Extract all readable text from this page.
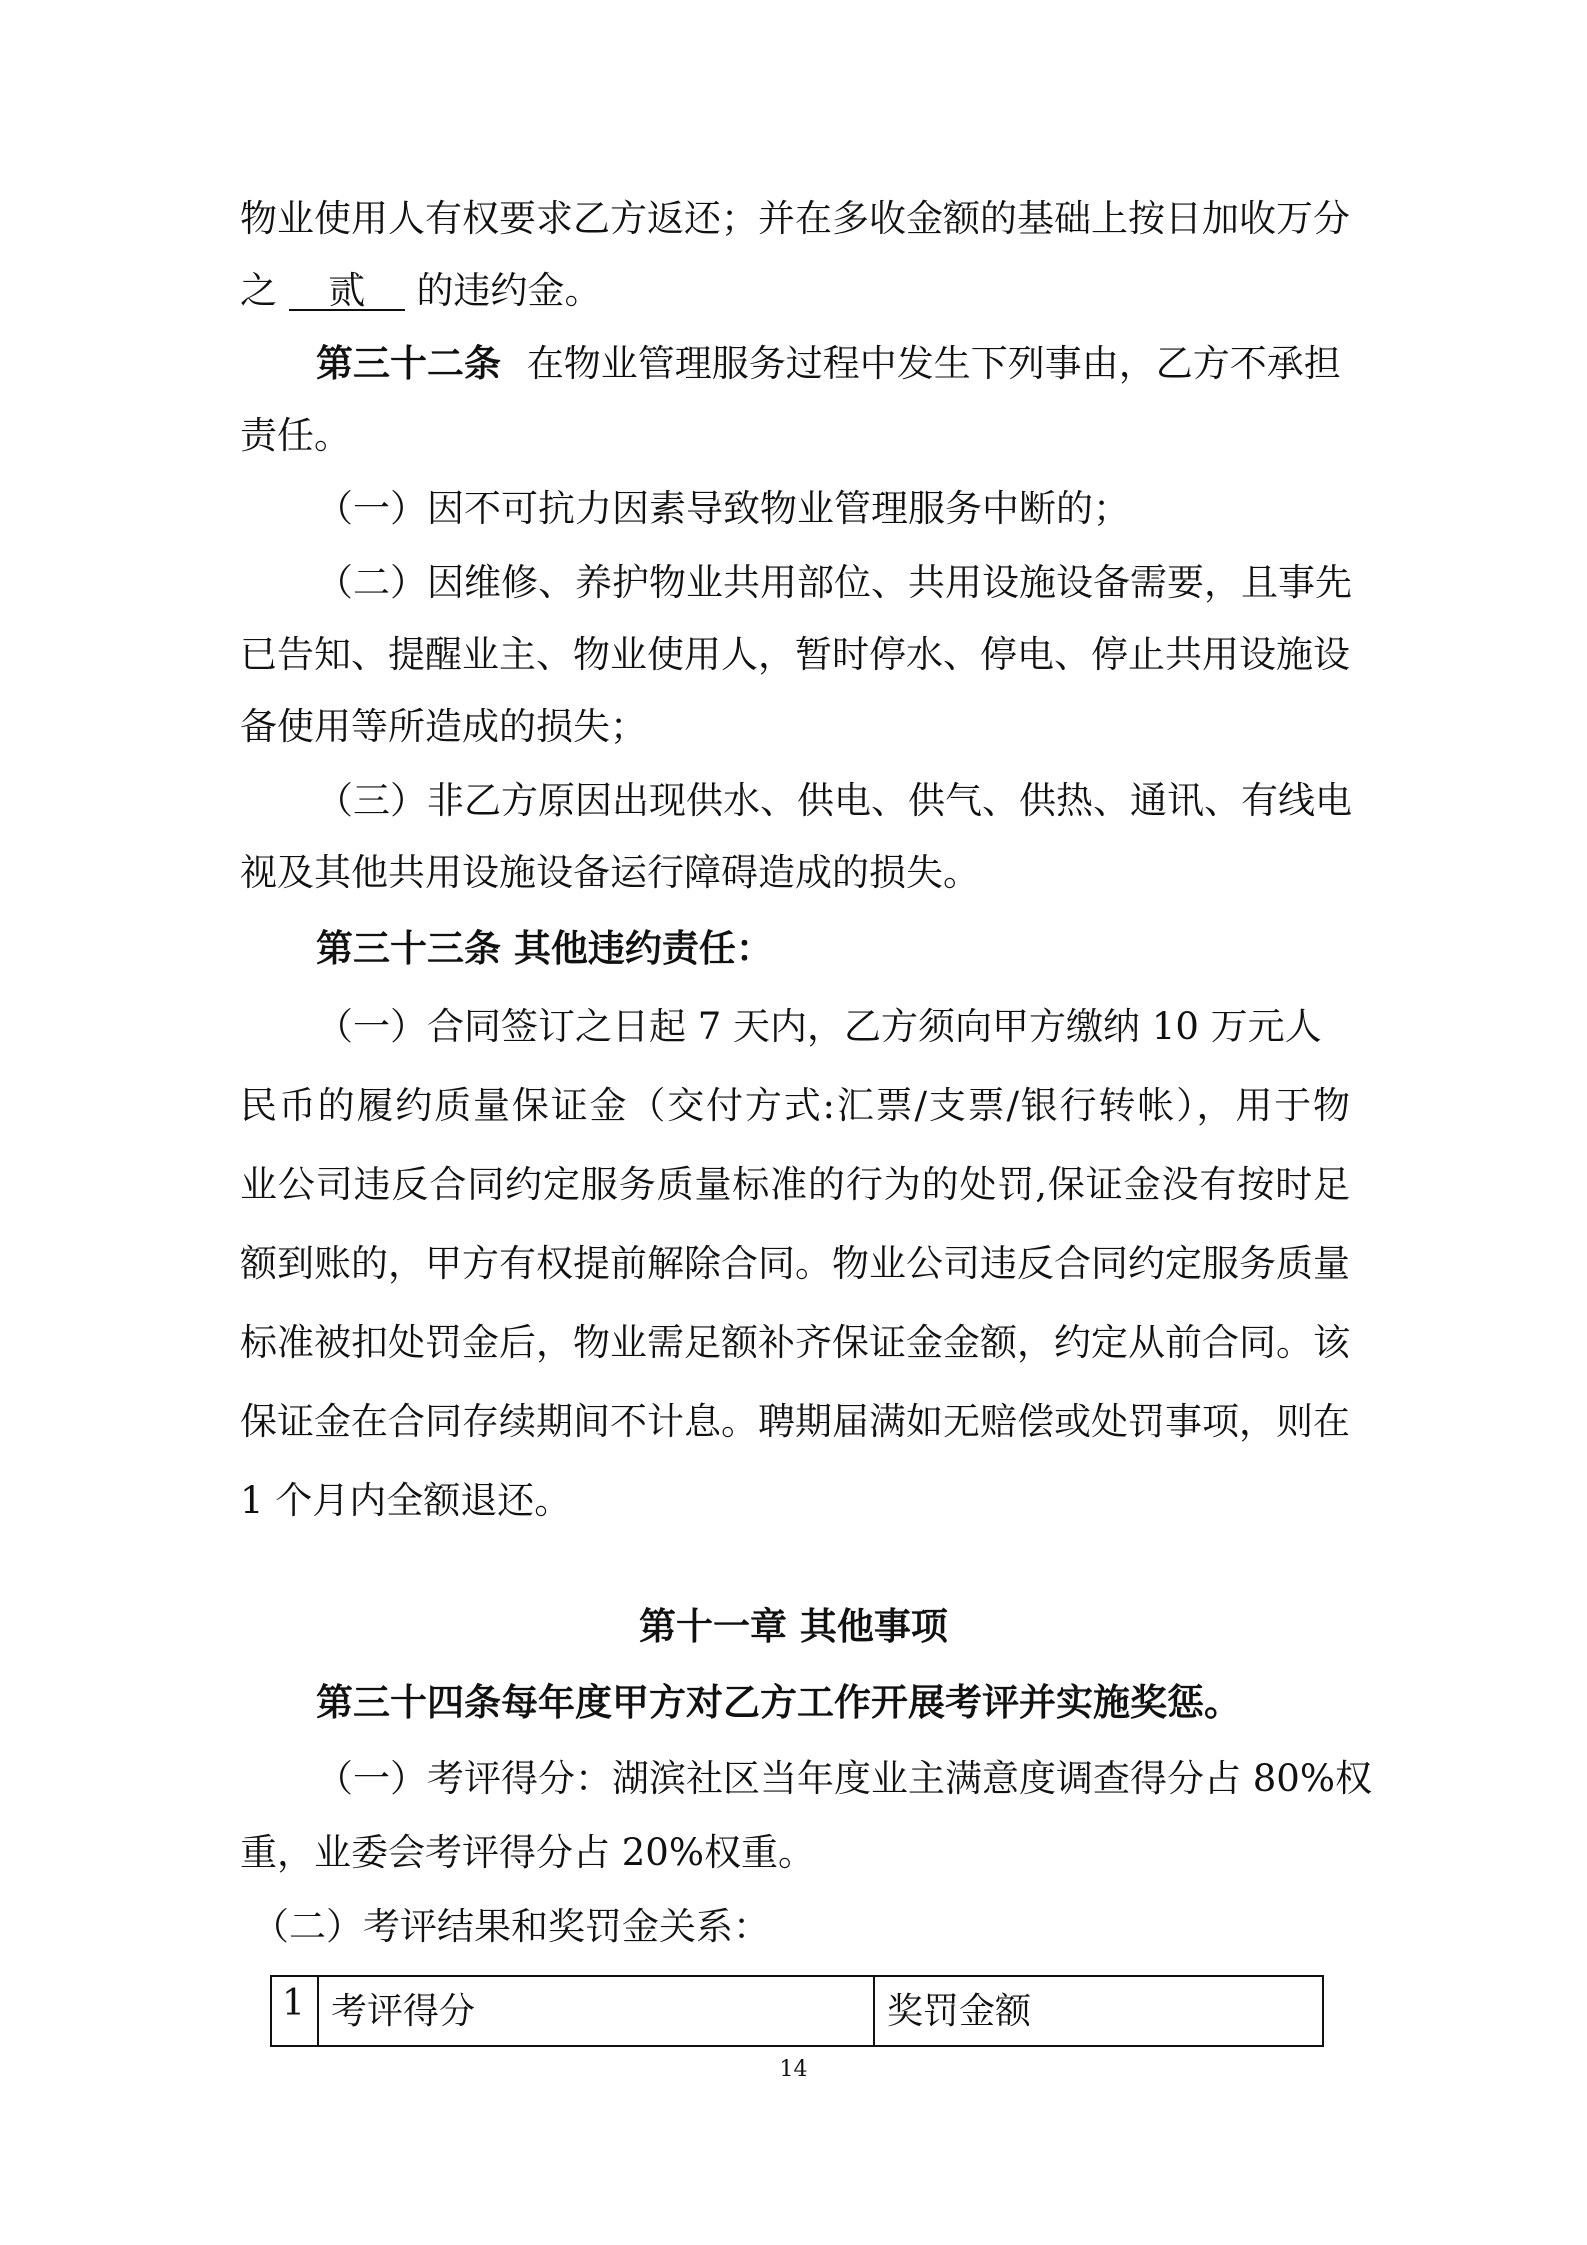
物业使用人有权要求乙方返还；并在多收金额的基础上按日加收万分
之 贰 的违约金。
第三十二条 在物业管理服务过程中发生下列事由，乙方不承担
责任。
（一）因不可抗力因素导致物业管理服务中断的；
（二）因维修、养护物业共用部位、共用设施设备需要，且事先
已告知、提醒业主、物业使用人，暂时停水、停电、停止共用设施设
备使用等所造成的损失；
（三）非乙方原因出现供水、供电、供气、供热、通讯、有线电
视及其他共用设施设备运行障碍造成的损失。
第三十三条 其他违约责任：
（一）合同签订之日起 7 天内，乙方须向甲方缴纳 10 万元人
民币的履约质量保证金（交付方式:汇票/支票/银行转帐），用于物
业公司违反合同约定服务质量标准的行为的处罚,保证金没有按时足
额到账的，甲方有权提前解除合同。物业公司违反合同约定服务质量
标准被扣处罚金后，物业需足额补齐保证金金额，约定从前合同。该
保证金在合同存续期间不计息。聘期届满如无赔偿或处罚事项，则在
1 个月内全额退还。
第十一章 其他事项
第三十四条每年度甲方对乙方工作开展考评并实施奖惩。
（一）考评得分：湖滨社区当年度业主满意度调查得分占 80%权
重，业委会考评得分占 20%权重。
（二）考评结果和奖罚金关系：
1	考评得分	奖罚金额
14
